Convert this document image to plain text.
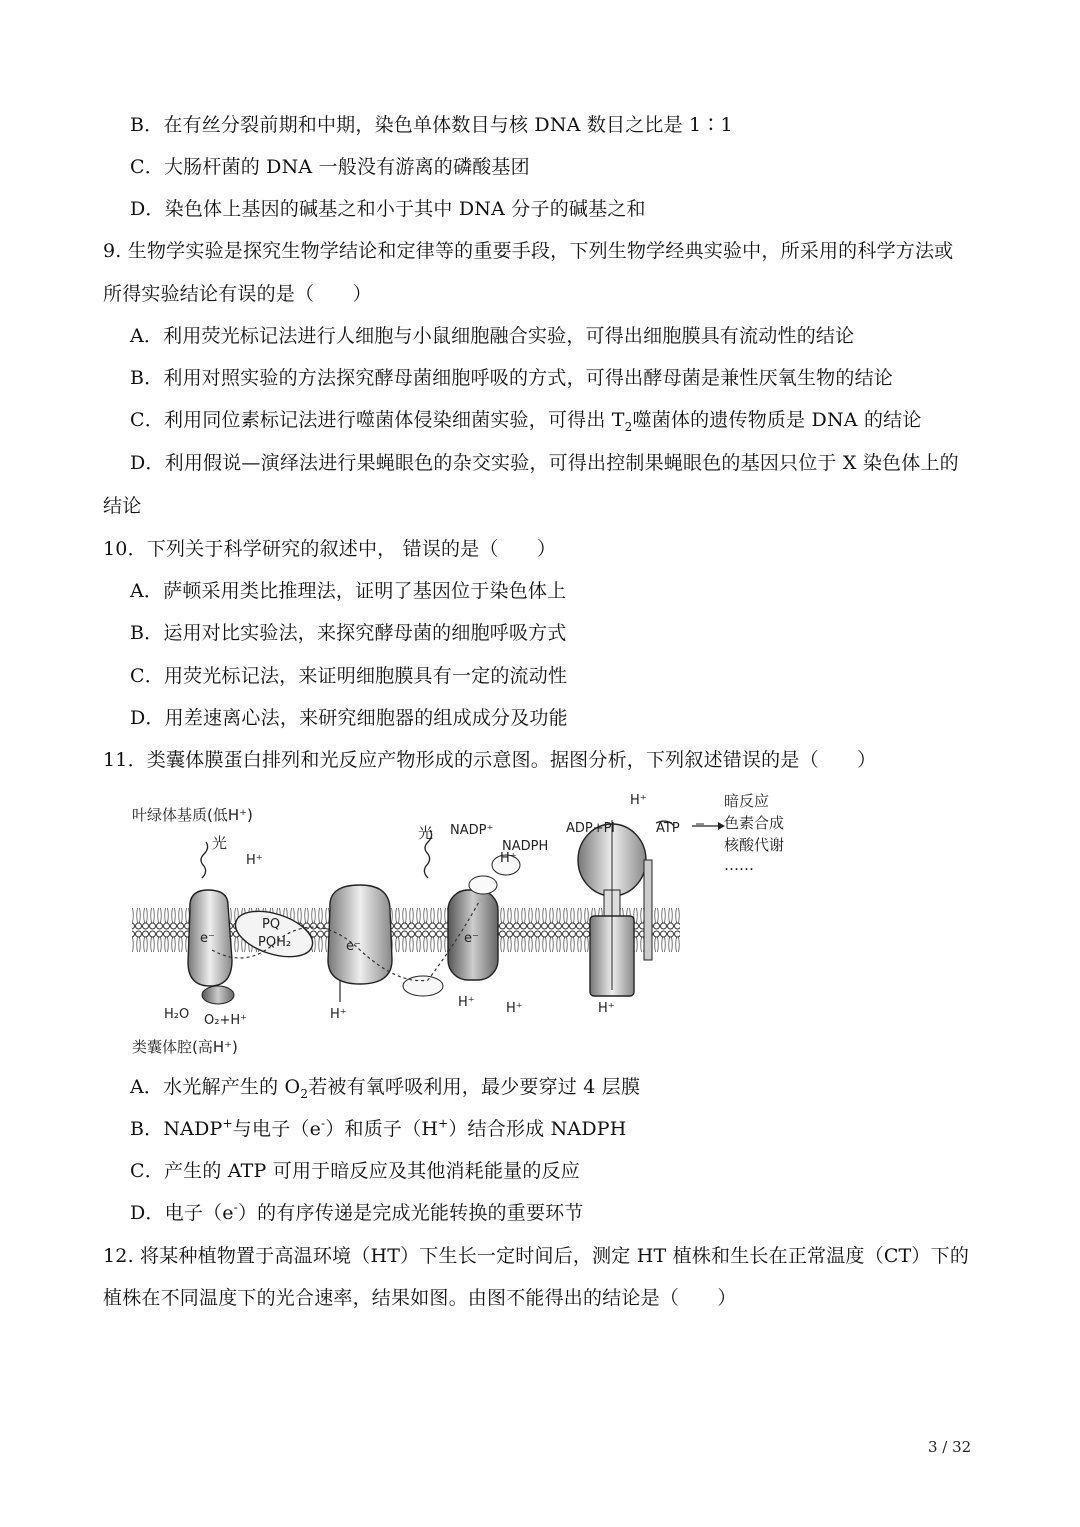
B．在有丝分裂前期和中期，染色单体数目与核 DNA 数目之比是 1∶1
C．大肠杆菌的 DNA 一般没有游离的磷酸基团
D．染色体上基因的碱基之和小于其中 DNA 分子的碱基之和
9. 生物学实验是探究生物学结论和定律等的重要手段，下列生物学经典实验中，所采用的科学方法或
所得实验结论有误的是（　　）
A．利用荧光标记法进行人细胞与小鼠细胞融合实验，可得出细胞膜具有流动性的结论
B．利用对照实验的方法探究酵母菌细胞呼吸的方式，可得出酵母菌是兼性厌氧生物的结论
C．利用同位素标记法进行噬菌体侵染细菌实验，可得出 $T_2$噬菌体的遗传物质是 DNA 的结论
D．利用假说—演绎法进行果蝇眼色的杂交实验，可得出控制果蝇眼色的基因只位于 X 染色体上的
结论
10．下列关于科学研究的叙述中， 错误的是（　　）
A．萨顿采用类比推理法，证明了基因位于染色体上
B．运用对比实验法，来探究酵母菌的细胞呼吸方式
C．用荧光标记法，来证明细胞膜具有一定的流动性
D．用差速离心法，来研究细胞器的组成成分及功能
11．类囊体膜蛋白排列和光反应产物形成的示意图。据图分析，下列叙述错误的是（　　）
叶绿体基质(低H⁺)
光
光
H⁺
e⁻
PQ
PQH₂	e⁻
e⁻
NADP⁺
NADPH
H⁺
ADP+Pi	ATP
H⁺	暗反应
色素合成
核酸代谢
……
H₂O O₂+H⁺	H⁺
H⁺ H⁺	H⁺
类囊体腔(高H⁺)
A．水光解产生的 $O_2$若被有氧呼吸利用，最少要穿过 4 层膜
B．NADP+与电子（e-）和质子（H+）结合形成 NADPH
C．产生的 ATP 可用于暗反应及其他消耗能量的反应
D．电子（e-）的有序传递是完成光能转换的重要环节
12. 将某种植物置于高温环境（HT）下生长一定时间后，测定 HT 植株和生长在正常温度（CT）下的
植株在不同温度下的光合速率，结果如图。由图不能得出的结论是（　　）
3 / 32
